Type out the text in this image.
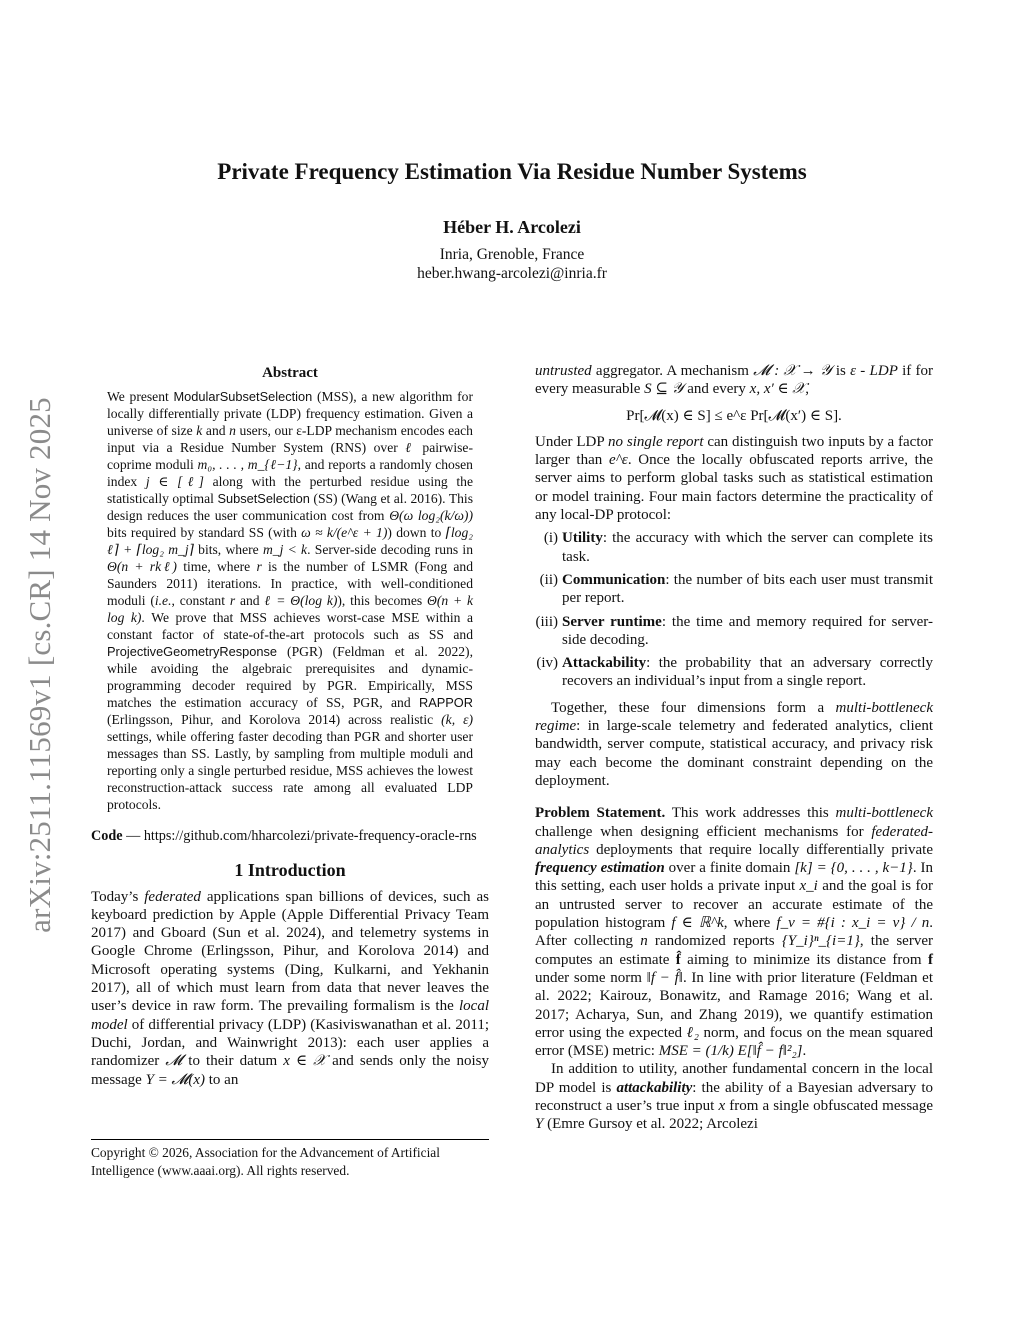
arXiv:2511.11569v1 [cs.CR] 14 Nov 2025
Private Frequency Estimation Via Residue Number Systems
Héber H. Arcolezi
Inria, Grenoble, France
heber.hwang-arcolezi@inria.fr

Abstract

We present ModularSubsetSelection (MSS), a new algorithm for locally differentially private (LDP) frequency estimation. Given a universe of size k and n users, our ε-LDP mechanism encodes each input via a Residue Number System (RNS) over ℓ pairwise-coprime moduli m₀, . . . , m_{ℓ−1}, and reports a randomly chosen index j ∈ [ℓ] along with the perturbed residue using the statistically optimal SubsetSelection (SS) (Wang et al. 2016). This design reduces the user communication cost from Θ(ω log₂(k/ω)) bits required by standard SS (with ω ≈ k/(e^ε + 1)) down to ⌈log₂ ℓ⌉ + ⌈log₂ m_j⌉ bits, where m_j < k. Server-side decoding runs in Θ(n + rkℓ) time, where r is the number of LSMR (Fong and Saunders 2011) iterations. In practice, with well-conditioned moduli (i.e., constant r and ℓ = Θ(log k)), this becomes Θ(n + k log k). We prove that MSS achieves worst-case MSE within a constant factor of state-of-the-art protocols such as SS and ProjectiveGeometryResponse (PGR) (Feldman et al. 2022), while avoiding the algebraic prerequisites and dynamic-programming decoder required by PGR. Empirically, MSS matches the estimation accuracy of SS, PGR, and RAPPOR (Erlingsson, Pihur, and Korolova 2014) across realistic (k, ε) settings, while offering faster decoding than PGR and shorter user messages than SS. Lastly, by sampling from multiple moduli and reporting only a single perturbed residue, MSS achieves the lowest reconstruction-attack success rate among all evaluated LDP protocols.

Code — https://github.com/hharcolezi/private-frequency-oracle-rns

1 Introduction

Today’s federated applications span billions of devices, such as keyboard prediction by Apple (Apple Differential Privacy Team 2017) and Gboard (Sun et al. 2024), and telemetry systems in Google Chrome (Erlingsson, Pihur, and Korolova 2014) and Microsoft operating systems (Ding, Kulkarni, and Yekhanin 2017), all of which must learn from data that never leaves the user’s device in raw form. The prevailing formalism is the local model of differential privacy (LDP) (Kasiviswanathan et al. 2011; Duchi, Jordan, and Wainwright 2013): each user applies a randomizer 𝓜 to their datum x ∈ 𝒳 and sends only the noisy message Y = 𝓜(x) to an

Copyright © 2026, Association for the Advancement of Artificial Intelligence (www.aaai.org). All rights reserved.

untrusted aggregator. A mechanism 𝓜 : 𝒳 → 𝒴 is ε - LDP if for every measurable S ⊆ 𝒴 and every x, x′ ∈ 𝒳,

Pr[𝓜(x) ∈ S] ≤ e^ε Pr[𝓜(x′) ∈ S].

Under LDP no single report can distinguish two inputs by a factor larger than e^ε. Once the locally obfuscated reports arrive, the server aims to perform global tasks such as statistical estimation or model training. Four main factors determine the practicality of any local-DP protocol:

(i) Utility: the accuracy with which the server can complete its task.
(ii) Communication: the number of bits each user must transmit per report.
(iii) Server runtime: the time and memory required for server-side decoding.
(iv) Attackability: the probability that an adversary correctly recovers an individual’s input from a single report.

Together, these four dimensions form a multi-bottleneck regime: in large-scale telemetry and federated analytics, client bandwidth, server compute, statistical accuracy, and privacy risk may each become the dominant constraint depending on the deployment.

Problem Statement. This work addresses this multi-bottleneck challenge when designing efficient mechanisms for federated-analytics deployments that require locally differentially private frequency estimation over a finite domain [k] = {0, . . . , k−1}. In this setting, each user holds a private input x_i and the goal is for an untrusted server to recover an accurate estimate of the population histogram f ∈ ℝ^k, where f_v = #{i : x_i = v} / n. After collecting n randomized reports {Y_i}ⁿ_{i=1}, the server computes an estimate f̂ aiming to minimize its distance from f under some norm ‖f − f̂‖. In line with prior literature (Feldman et al. 2022; Kairouz, Bonawitz, and Ramage 2016; Wang et al. 2017; Acharya, Sun, and Zhang 2019), we quantify estimation error using the expected ℓ₂ norm, and focus on the mean squared error (MSE) metric: MSE = (1/k) E[‖f̂ − f‖²₂].

In addition to utility, another fundamental concern in the local DP model is attackability: the ability of a Bayesian adversary to reconstruct a user’s true input x from a single obfuscated message Y (Emre Gursoy et al. 2022; Arcolezi
